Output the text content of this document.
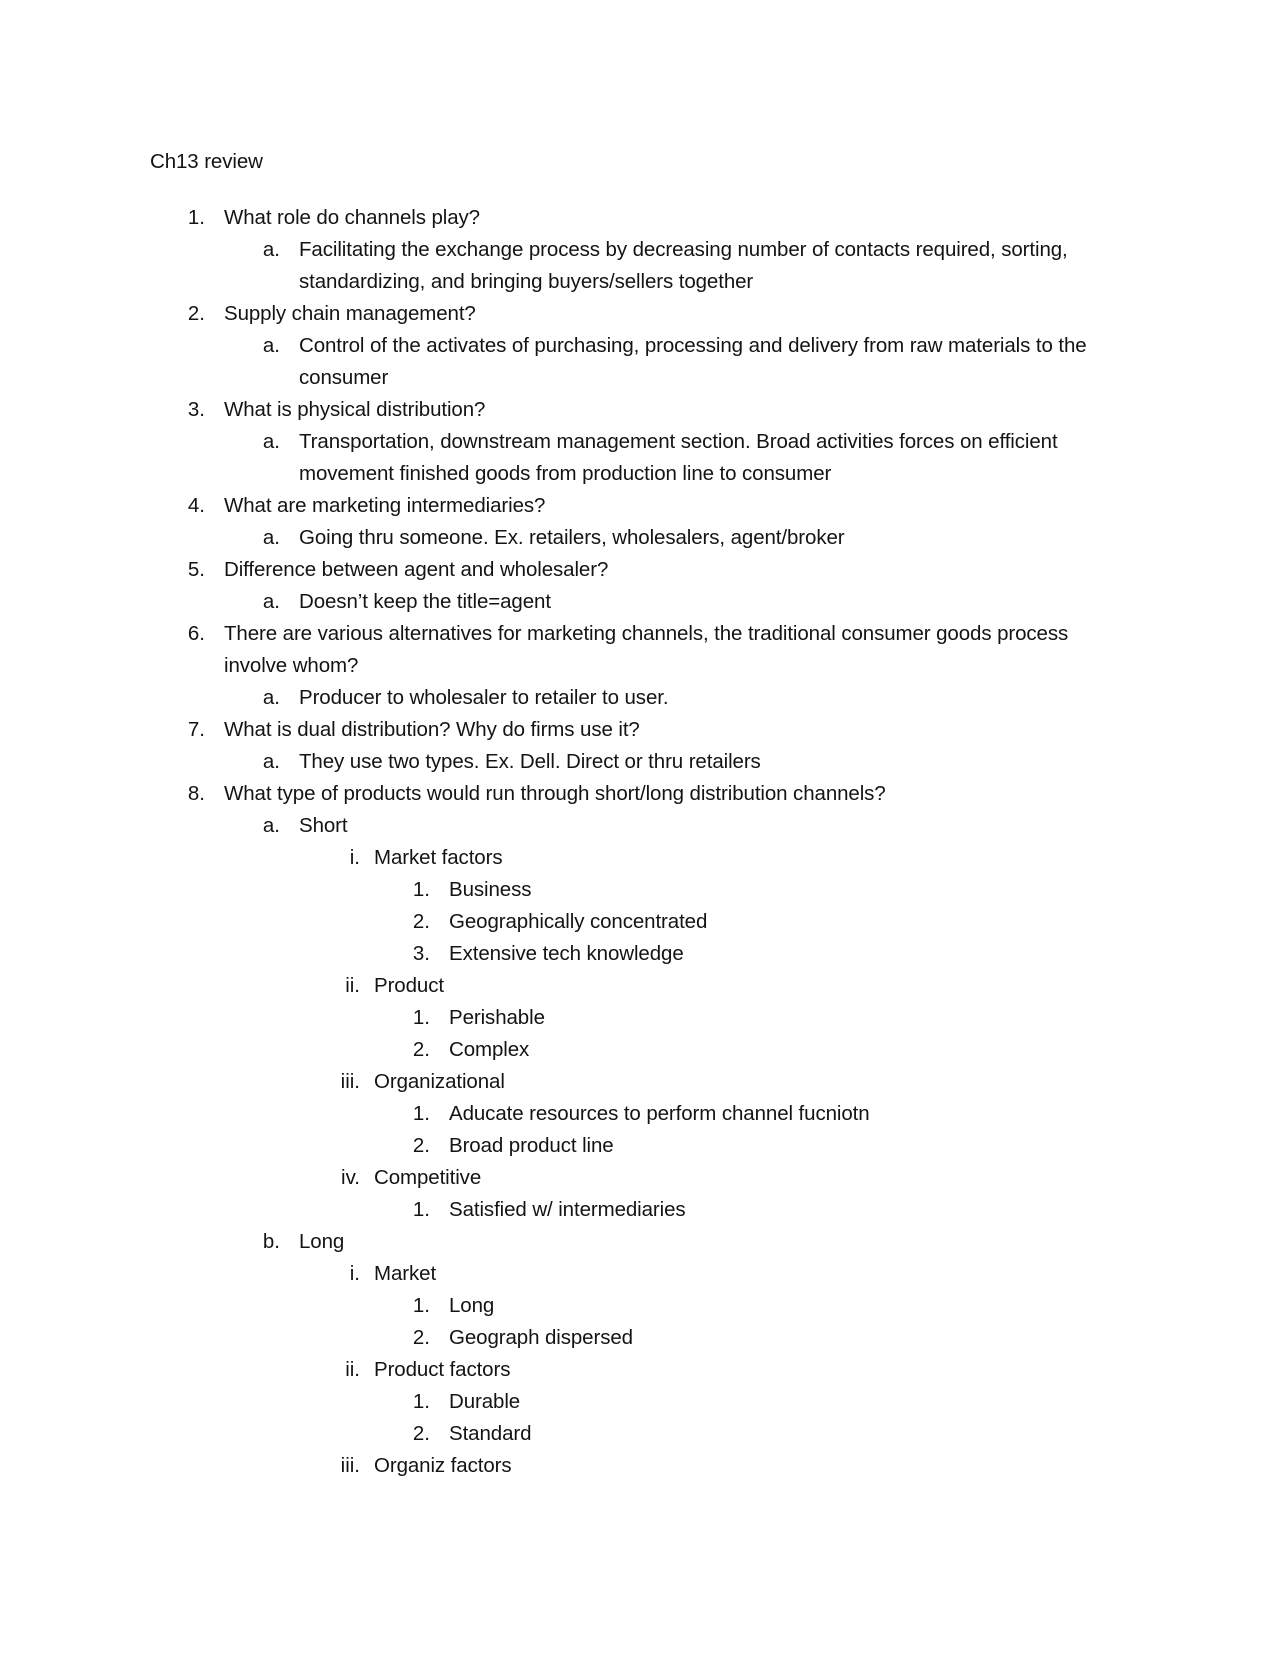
Ch13 review
1. What role do channels play?
a. Facilitating the exchange process by decreasing number of contacts required, sorting,
standardizing, and bringing buyers/sellers together
2. Supply chain management?
a. Control of the activates of purchasing, processing and delivery from raw materials to the
consumer
3. What is physical distribution?
a. Transportation, downstream management section. Broad activities forces on efficient
movement finished goods from production line to consumer
4. What are marketing intermediaries?
a. Going thru someone. Ex. retailers, wholesalers, agent/broker
5. Difference between agent and wholesaler?
a. Doesn’t keep the title=agent
6. There are various alternatives for marketing channels, the traditional consumer goods process
involve whom?
a. Producer to wholesaler to retailer to user.
7. What is dual distribution? Why do firms use it?
a. They use two types. Ex. Dell. Direct or thru retailers
8. What type of products would run through short/long distribution channels?
a. Short
i. Market factors
1. Business
2. Geographically concentrated
3. Extensive tech knowledge
ii. Product
1. Perishable
2. Complex
iii. Organizational
1. Aducate resources to perform channel fucniotn
2. Broad product line
iv. Competitive
1. Satisfied w/ intermediaries
b. Long
i. Market
1. Long
2. Geograph dispersed
ii. Product factors
1. Durable
2. Standard
iii. Organiz factors
